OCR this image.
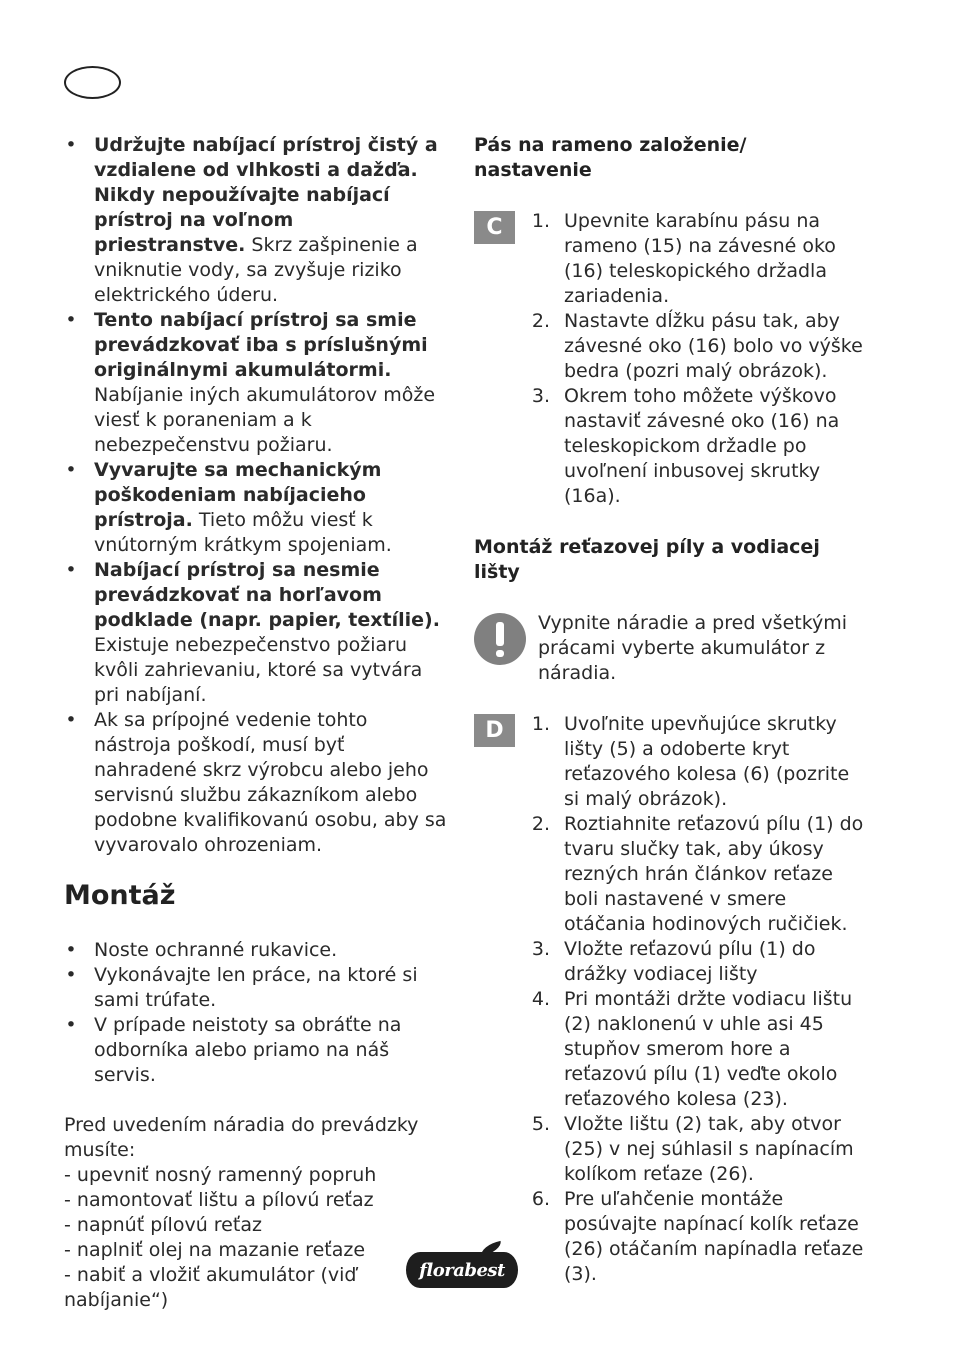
• Udržujte nabíjací prístroj čistý a vzdialene od vlhkosti a dažďa. Nikdy nepoužívajte nabíjací prístroj na voľnom priestranstve. Skrz zašpinenie a vniknutie vody, sa zvyšuje riziko elektrického úderu.
• Tento nabíjací prístroj sa smie prevádzkovať iba s príslušnými originálnymi akumulátormi. Nabíjanie iných akumulátorov môže viesť k poraneniam a k nebezpečenstvu požiaru.
• Vyvarujte sa mechanickým poškodeniam nabíjacieho prístroja. Tieto môžu viesť k vnútorným krátkym spojeniam.
• Nabíjací prístroj sa nesmie prevádzkovať na horľavom podklade (napr. papier, textílie). Existuje nebezpečenstvo požiaru kvôli zahrievaniu, ktoré sa vytvára pri nabíjaní.
• Ak sa prípojné vedenie tohto nástroja poškodí, musí byť nahradené skrz výrobcu alebo jeho servisnú službu zákazníkom alebo podobne kvalifikovanú osobu, aby sa vyvarovalo ohrozeniam.
Montáž
• Noste ochranné rukavice.
• Vykonávajte len práce, na ktoré si sami trúfate.
• V prípade neistoty sa obráťte na odborníka alebo priamo na náš servis.

Pred uvedením náradia do prevádzky musíte:

- upevniť nosný ramenný popruh

- namontovať lištu a pílovú reťaz

- napnúť pílovú reťaz

- naplniť olej na mazanie reťaze

- nabiť a vložiť akumulátor (viď nabíjanie“)

Pás na rameno založenie/ nastavenie
C	1. Upevnite karabínu pásu na rameno (15) na závesné oko (16) teleskopického držadla zariadenia.
2. Nastavte dĺžku pásu tak, aby závesné oko (16) bolo vo výške bedra (pozri malý obrázok).
3. Okrem toho môžete výškovo nastaviť závesné oko (16) na teleskopickom držadle po uvoľnení inbusovej skrutky (16a).
Montáž reťazovej píly a vodiacej lišty
Vypnite náradie a pred všetkými prácami vyberte akumulátor z náradia.
D	1. Uvoľnite upevňujúce skrutky lišty (5) a odoberte kryt reťazového kolesa (6) (pozrite si malý obrázok).
2. Roztiahnite reťazovú pílu (1) do tvaru slučky tak, aby úkosy rezných hrán článkov reťaze boli nastavené v smere otáčania hodinových ručičiek.
3. Vložte reťazovú pílu (1) do drážky vodiacej lišty
4. Pri montáži držte vodiacu lištu (2) naklonenú v uhle asi 45 stupňov smerom hore a reťazovú pílu (1) veďte okolo reťazového kolesa (23).
5. Vložte lištu (2) tak, aby otvor (25) v nej súhlasil s napínacím kolíkom reťaze (26).
6. Pre uľahčenie montáže posúvajte napínací kolík reťaze (26) otáčaním napínadla reťaze (3).
florabest
